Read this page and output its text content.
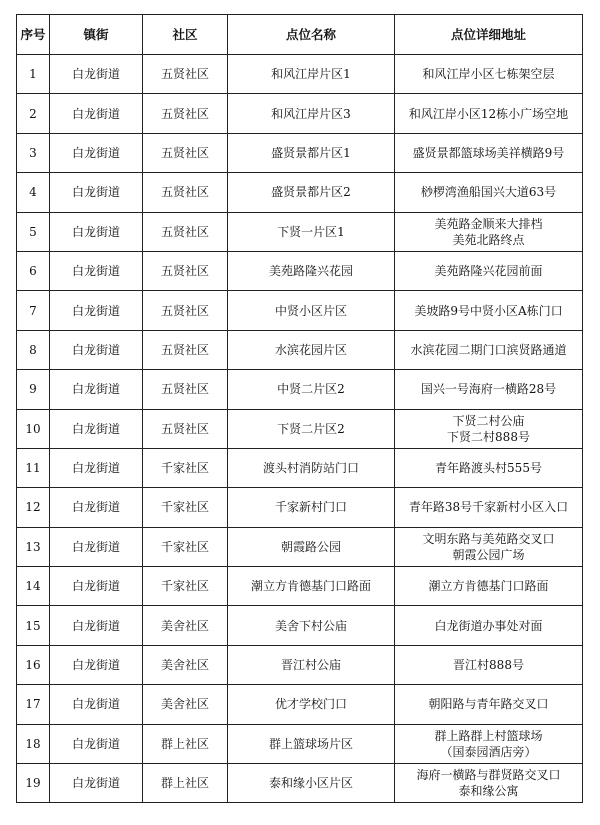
序号	镇街	社区	点位名称	点位详细地址
1	白龙街道	五贤社区	和风江岸片区1	和风江岸小区七栋架空层

2	白龙街道	五贤社区	和风江岸片区3	和风江岸小区12栋小广场空地

3	白龙街道	五贤社区	盛贤景都片区1	盛贤景都篮球场美祥横路9号

4	白龙街道	五贤社区	盛贤景都片区2	桫椤湾渔船国兴大道63号

5	白龙街道	五贤社区	下贤一片区1	美苑路金顺来大排档
美苑北路终点

6	白龙街道	五贤社区	美苑路隆兴花园	美苑路隆兴花园前面

7	白龙街道	五贤社区	中贤小区片区	美坡路9号中贤小区A栋门口

8	白龙街道	五贤社区	水滨花园片区	水滨花园二期门口滨贤路通道

9	白龙街道	五贤社区	中贤二片区2	国兴一号海府一横路28号

10	白龙街道	五贤社区	下贤二片区2	下贤二村公庙
下贤二村888号

11	白龙街道	千家社区	渡头村消防站门口	青年路渡头村555号

12	白龙街道	千家社区	千家新村门口	青年路38号千家新村小区入口

13	白龙街道	千家社区	朝霞路公园	文明东路与美苑路交叉口
朝霞公园广场

14	白龙街道	千家社区	潮立方肯德基门口路面	潮立方肯德基门口路面

15	白龙街道	美舍社区	美舍下村公庙	白龙街道办事处对面

16	白龙街道	美舍社区	晋江村公庙	晋江村888号

17	白龙街道	美舍社区	优才学校门口	朝阳路与青年路交叉口

18	白龙街道	群上社区	群上篮球场片区	群上路群上村篮球场
（国泰园酒店旁）

19	白龙街道	群上社区	泰和缘小区片区	海府一横路与群贤路交叉口
泰和缘公寓
